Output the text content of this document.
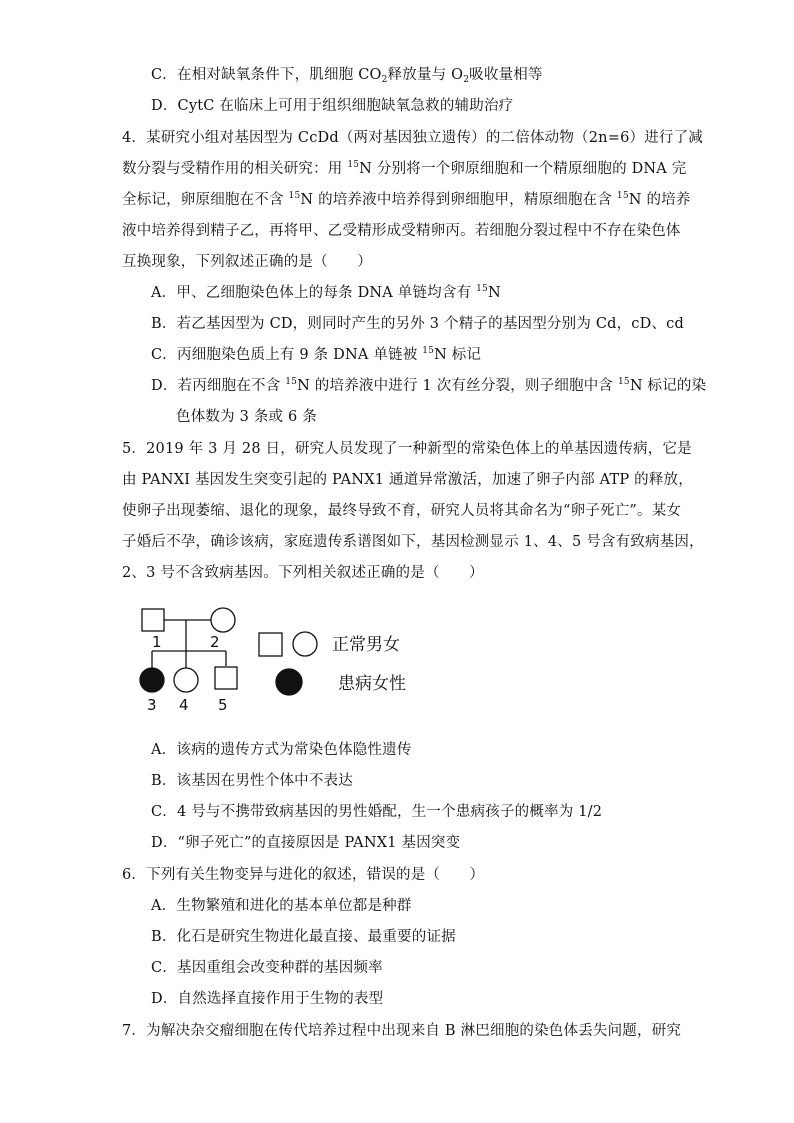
C．在相对缺氧条件下，肌细胞 $CO_2$释放量与 $O_2$吸收量相等
D．CytC 在临床上可用于组织细胞缺氧急救的辅助治疗
4．某研究小组对基因型为 CcDd（两对基因独立遗传）的二倍体动物（2n=6）进行了减
数分裂与受精作用的相关研究：用 $^{15}$N 分别将一个卵原细胞和一个精原细胞的 DNA 完
全标记，卵原细胞在不含 $^{15}$N 的培养液中培养得到卵细胞甲，精原细胞在含 $^{15}$N 的培养
液中培养得到精子乙，再将甲、乙受精形成受精卵丙。若细胞分裂过程中不存在染色体
互换现象，下列叙述正确的是（　　）
A．甲、乙细胞染色体上的每条 DNA 单链均含有 $^{15}$N
B．若乙基因型为 CD，则同时产生的另外 3 个精子的基因型分别为 Cd，cD、cd
C．丙细胞染色质上有 9 条 DNA 单链被 $^{15}$N 标记
D．若丙细胞在不含 $^{15}$N 的培养液中进行 1 次有丝分裂，则子细胞中含 $^{15}$N 标记的染
色体数为 3 条或 6 条
5．2019 年 3 月 28 日，研究人员发现了一种新型的常染色体上的单基因遗传病，它是
由 PANXI 基因发生突变引起的 PANX1 通道异常激活，加速了卵子内部 ATP 的释放，
使卵子出现萎缩、退化的现象，最终导致不育，研究人员将其命名为“卵子死亡”。某女
子婚后不孕，确诊该病，家庭遗传系谱图如下，基因检测显示 1、4、5 号含有致病基因，
2、3 号不含致病基因。下列相关叙述正确的是（　　）
1	2
3 4 5
正常男女
患病女性
A．该病的遗传方式为常染色体隐性遗传
B．该基因在男性个体中不表达
C．4 号与不携带致病基因的男性婚配，生一个患病孩子的概率为 1/2
D．“卵子死亡”的直接原因是 PANX1 基因突变
6．下列有关生物变异与进化的叙述，错误的是（　　）
A．生物繁殖和进化的基本单位都是种群
B．化石是研究生物进化最直接、最重要的证据
C．基因重组会改变种群的基因频率
D．自然选择直接作用于生物的表型
7．为解决杂交瘤细胞在传代培养过程中出现来自 B 淋巴细胞的染色体丢失问题，研究
